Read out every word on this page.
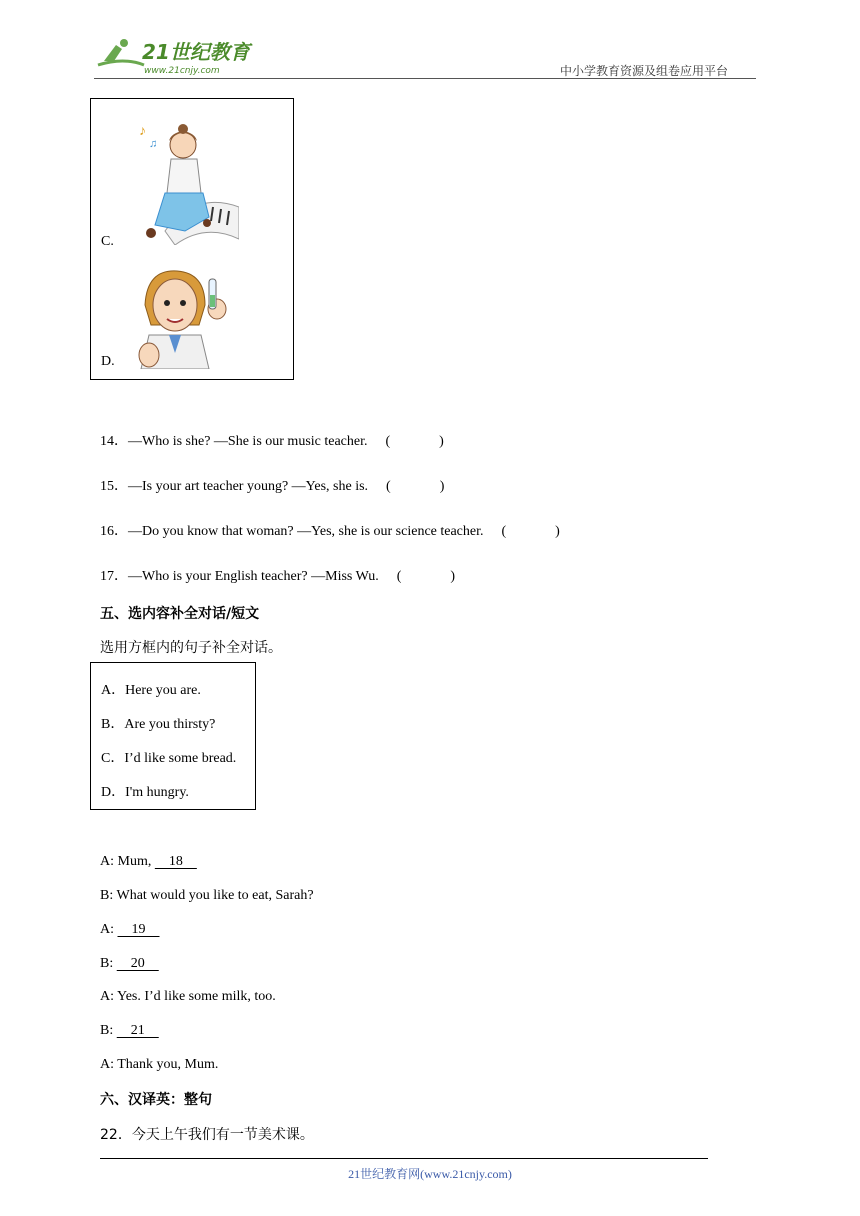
21世纪教育
www.21cnjy.com	中小学教育资源及组卷应用平台
♪
♫
C.
D.
14．—Who is she? —She is our music teacher. (              )
15．—Is your art teacher young? —Yes, she is. (              )
16．—Do you know that woman? —Yes, she is our science teacher. (              )
17．—Who is your English teacher? —Miss Wu. (              )
五、选内容补全对话/短文
选用方框内的句子补全对话。
A．Here you are.
B．Are you thirsty?
C．I’d like some bread.
D．I'm hungry.
A: Mum,     18
B: What would you like to eat, Sarah?
A:     19
B:     20
A: Yes. I’d like some milk, too.
B:     21
A: Thank you, Mum.
六、汉译英：整句
22．今天上午我们有一节美术课。
21世纪教育网(www.21cnjy.com)
